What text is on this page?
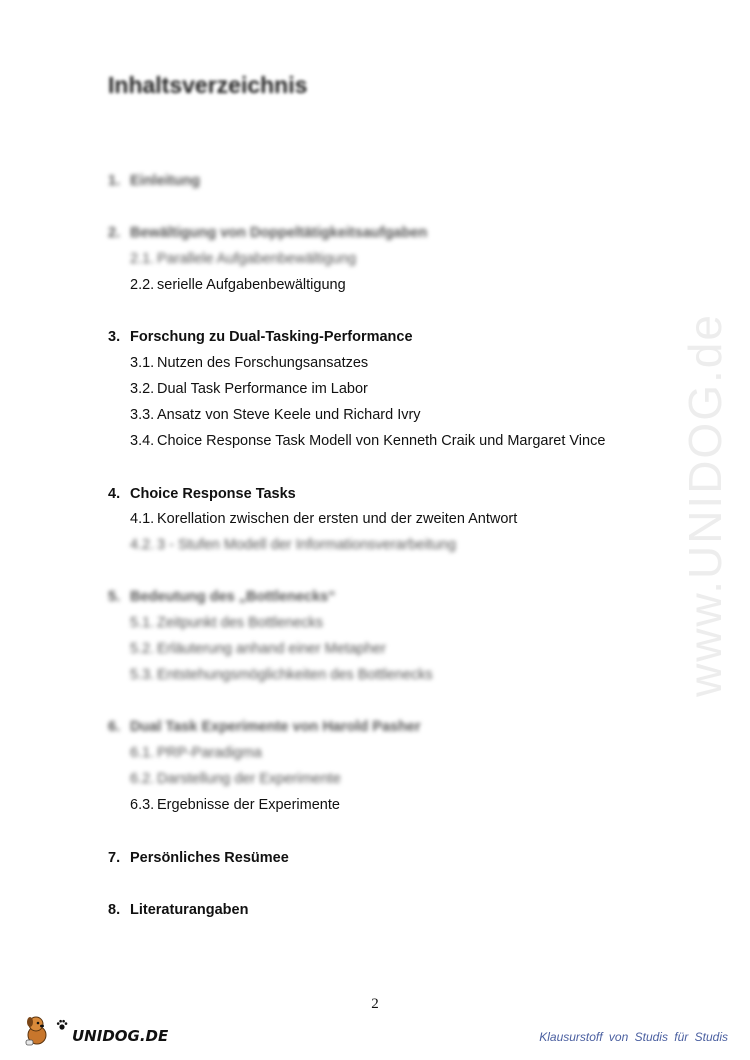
www.UNIDOG.de
Inhaltsverzeichnis
1. Einleitung
2. Bewältigung von Doppeltätigkeitsaufgaben
2.1. Parallele Aufgabenbewältigung
2.2. serielle Aufgabenbewältigung
3. Forschung zu Dual-Tasking-Performance
3.1. Nutzen des Forschungsansatzes
3.2. Dual Task Performance im Labor
3.3. Ansatz von Steve Keele und Richard Ivry
3.4. Choice Response Task Modell von Kenneth Craik und Margaret Vince
4. Choice Response Tasks
4.1. Korellation zwischen der ersten und der zweiten Antwort
4.2. 3 - Stufen Modell der Informationsverarbeitung
5. Bedeutung des „Bottlenecks“
5.1. Zeitpunkt des Bottlenecks
5.2. Erläuterung anhand einer Metapher
5.3. Entstehungsmöglichkeiten des Bottlenecks
6. Dual Task Experimente von Harold Pasher
6.1. PRP-Paradigma
6.2. Darstellung der Experimente
6.3. Ergebnisse der Experimente
7. Persönliches Resümee
8. Literaturangaben
2
UNIDOG.DE	Klausurstoff von Studis für Studis
